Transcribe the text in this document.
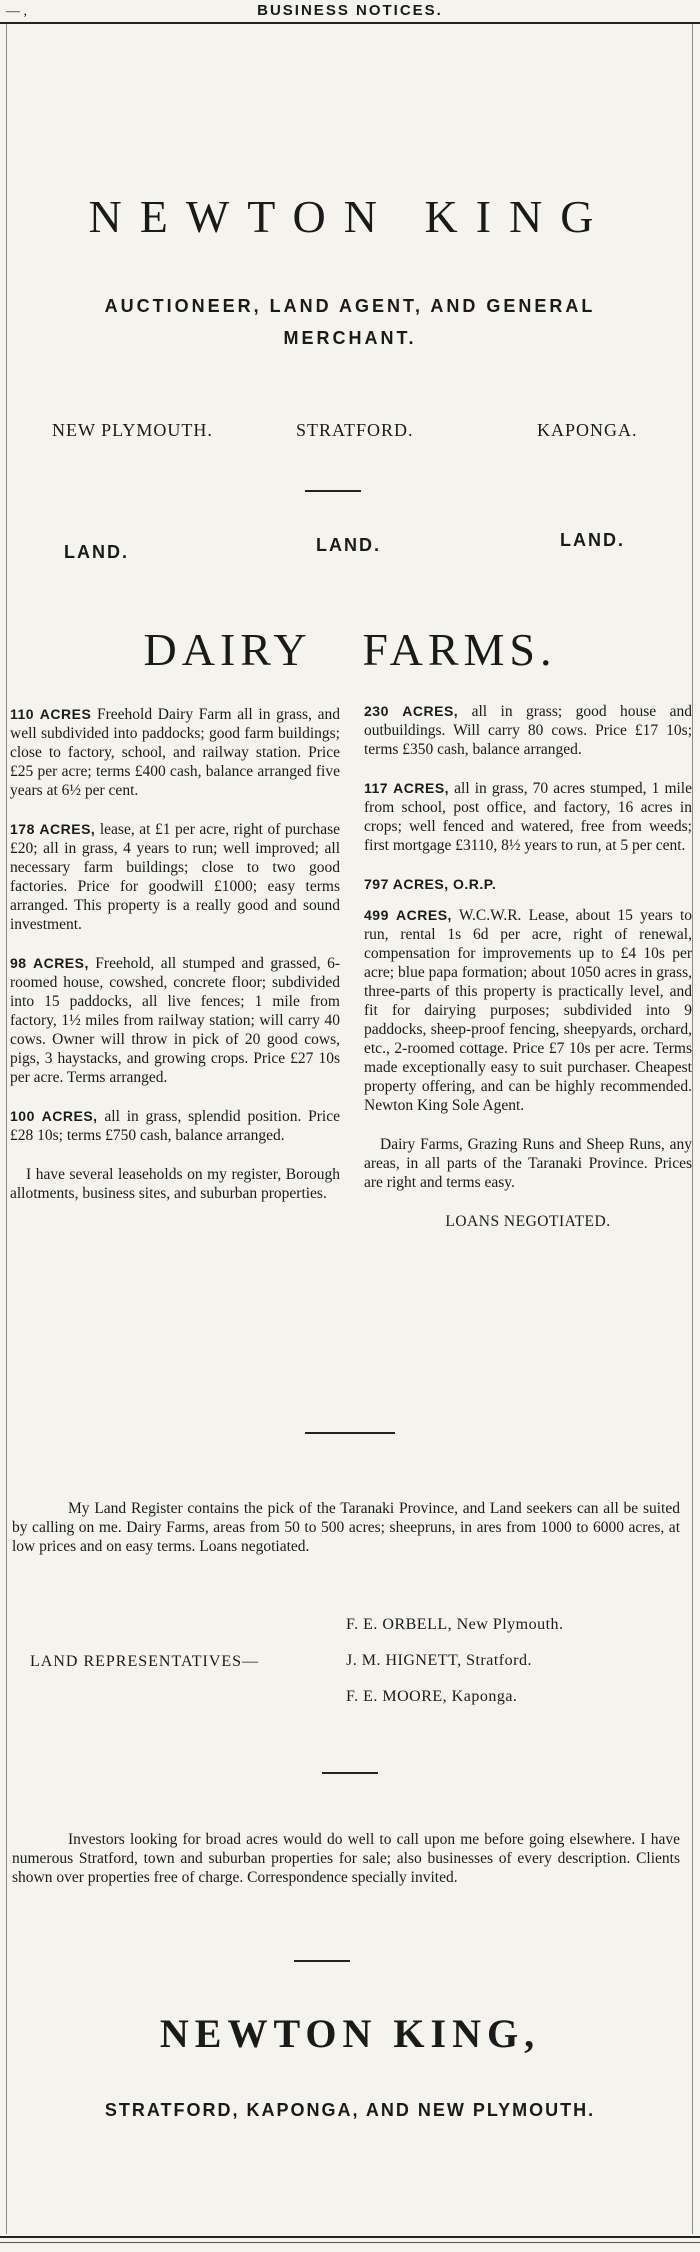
― ,	BUSINESS NOTICES.
NEWTON KING
AUCTIONEER, LAND AGENT, AND GENERAL MERCHANT.
NEW PLYMOUTH.	STRATFORD.	KAPONGA.
LAND.	LAND.	LAND.
DAIRY FARMS.

110 ACRES Freehold Dairy Farm all in grass, and well subdivided into paddocks; good farm buildings; close to factory, school, and railway station. Price £25 per acre; terms £400 cash, balance arranged five years at 6½ per cent.

178 ACRES, lease, at £1 per acre, right of purchase £20; all in grass, 4 years to run; well improved; all necessary farm buildings; close to two good factories. Price for goodwill £1000; easy terms arranged. This property is a really good and sound investment.

98 ACRES, Freehold, all stumped and grassed, 6-roomed house, cowshed, concrete floor; subdivided into 15 paddocks, all live fences; 1 mile from factory, 1½ miles from railway station; will carry 40 cows. Owner will throw in pick of 20 good cows, pigs, 3 haystacks, and growing crops. Price £27 10s per acre. Terms arranged.

100 ACRES, all in grass, splendid position. Price £28 10s; terms £750 cash, balance arranged.

I have several leaseholds on my register, Borough allotments, business sites, and suburban properties.

230 ACRES, all in grass; good house and outbuildings. Will carry 80 cows. Price £17 10s; terms £350 cash, balance arranged.

117 ACRES, all in grass, 70 acres stumped, 1 mile from school, post office, and factory, 16 acres in crops; well fenced and watered, free from weeds; first mortgage £3110, 8½ years to run, at 5 per cent.

797 ACRES, O.R.P.

499 ACRES, W.C.W.R. Lease, about 15 years to run, rental 1s 6d per acre, right of renewal, compensation for improvements up to £4 10s per acre; blue papa formation; about 1050 acres in grass, three-parts of this property is practically level, and fit for dairying purposes; subdivided into 9 paddocks, sheep-proof fencing, sheepyards, orchard, etc., 2-roomed cottage. Price £7 10s per acre. Terms made exceptionally easy to suit purchaser. Cheapest property offering, and can be highly recommended. Newton King Sole Agent.

Dairy Farms, Grazing Runs and Sheep Runs, any areas, in all parts of the Taranaki Province. Prices are right and terms easy.

LOANS NEGOTIATED.

My Land Register contains the pick of the Taranaki Province, and Land seekers can all be suited by calling on me. Dairy Farms, areas from 50 to 500 acres; sheepruns, in ares from 1000 to 6000 acres, at low prices and on easy terms. Loans negotiated.
F. E. ORBELL, New Plymouth.
LAND REPRESENTATIVES—	J. M. HIGNETT, Stratford.
F. E. MOORE, Kaponga.
Investors looking for broad acres would do well to call upon me before going elsewhere. I have numerous Stratford, town and suburban properties for sale; also businesses of every description. Clients shown over properties free of charge. Correspondence specially invited.
NEWTON KING,
STRATFORD, KAPONGA, AND NEW PLYMOUTH.
